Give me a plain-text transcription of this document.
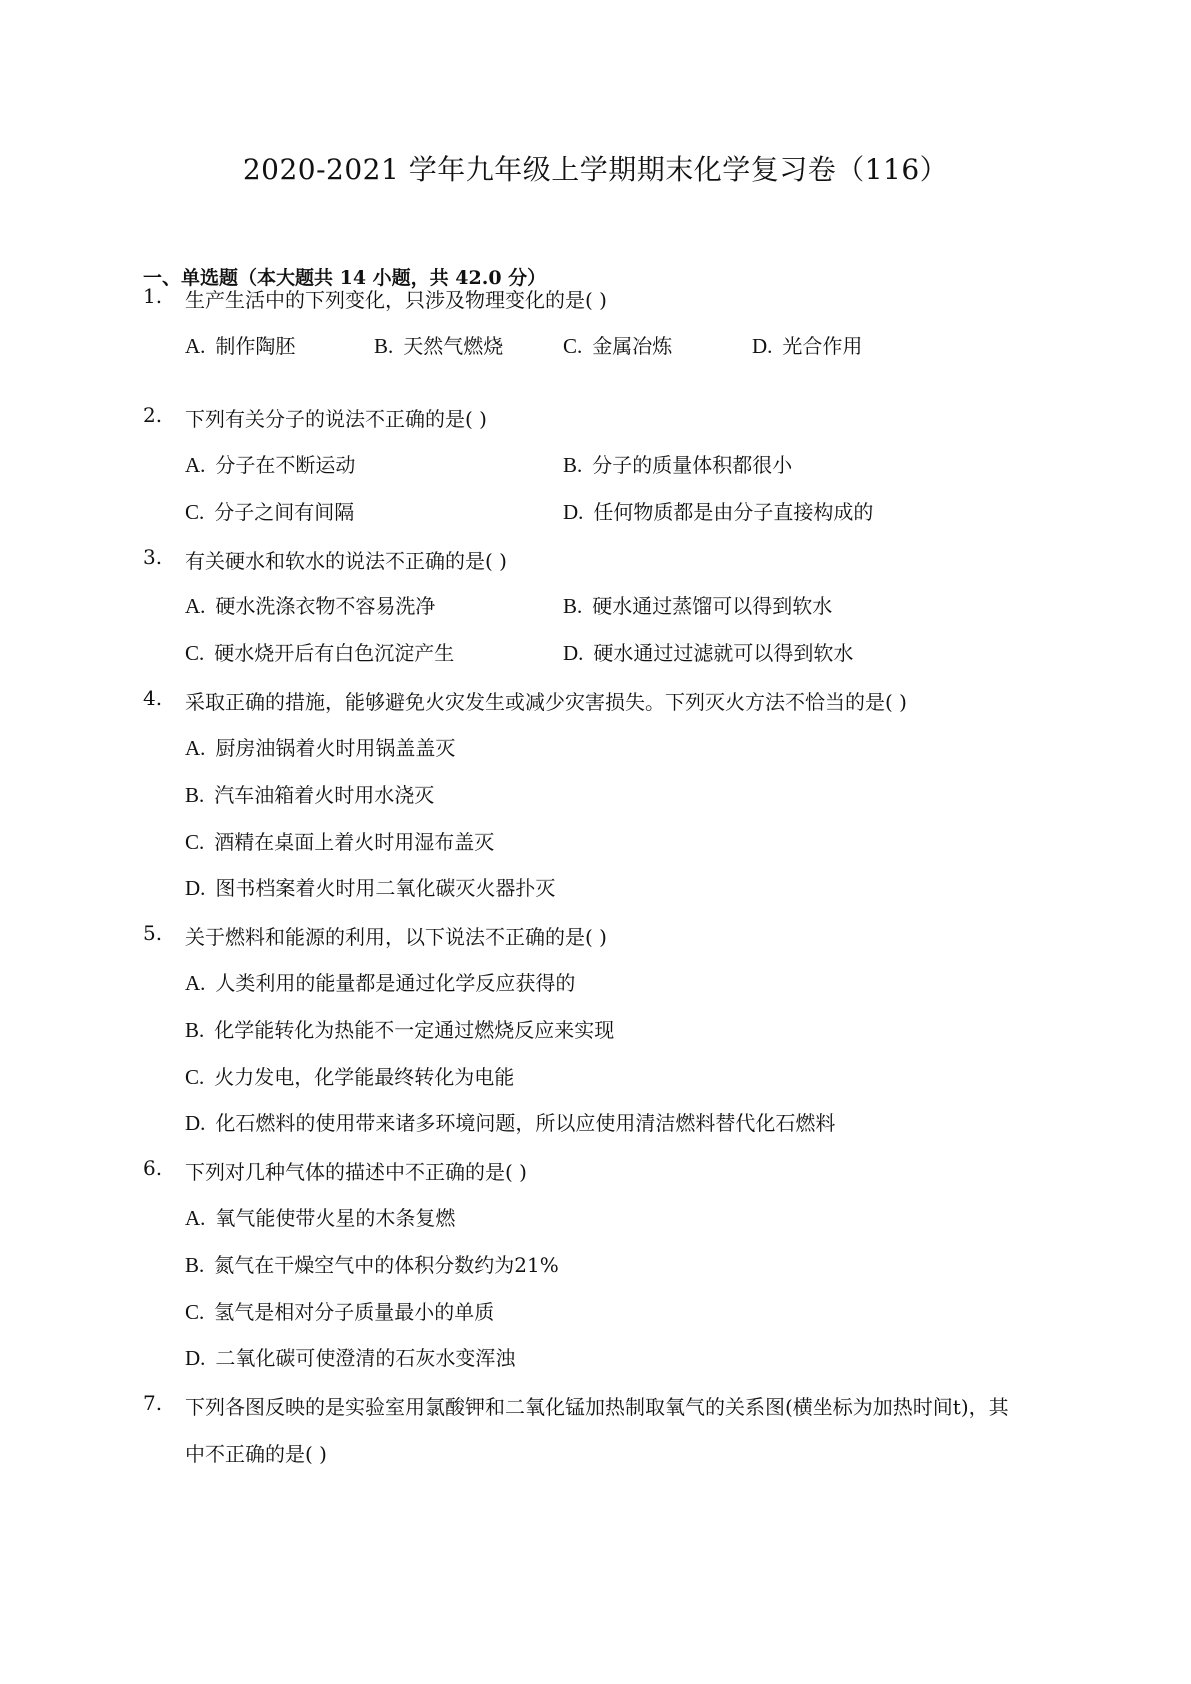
2020-2021 学年九年级上学期期末化学复习卷（116）
一、单选题（本大题共 14 小题，共 42.0 分）
1. 生产生活中的下列变化，只涉及物理变化的是( )
A. 制作陶胚	B. 天然气燃烧	C. 金属冶炼	D. 光合作用
2. 下列有关分子的说法不正确的是( )
A. 分子在不断运动	B. 分子的质量体积都很小
C. 分子之间有间隔	D. 任何物质都是由分子直接构成的
3. 有关硬水和软水的说法不正确的是( )
A. 硬水洗涤衣物不容易洗净	B. 硬水通过蒸馏可以得到软水
C. 硬水烧开后有白色沉淀产生	D. 硬水通过过滤就可以得到软水
4. 采取正确的措施，能够避免火灾发生或减少灾害损失。下列灭火方法不恰当的是( )
A. 厨房油锅着火时用锅盖盖灭
B. 汽车油箱着火时用水浇灭
C. 酒精在桌面上着火时用湿布盖灭
D. 图书档案着火时用二氧化碳灭火器扑灭
5. 关于燃料和能源的利用，以下说法不正确的是( )
A. 人类利用的能量都是通过化学反应获得的
B. 化学能转化为热能不一定通过燃烧反应来实现
C. 火力发电，化学能最终转化为电能
D. 化石燃料的使用带来诸多环境问题，所以应使用清洁燃料替代化石燃料
6. 下列对几种气体的描述中不正确的是( )
A. 氧气能使带火星的木条复燃
B. 氮气在干燥空气中的体积分数约为21%
C. 氢气是相对分子质量最小的单质
D. 二氧化碳可使澄清的石灰水变浑浊
7. 下列各图反映的是实验室用氯酸钾和二氧化锰加热制取氧气的关系图(横坐标为加热时间t)，其
中不正确的是( )
